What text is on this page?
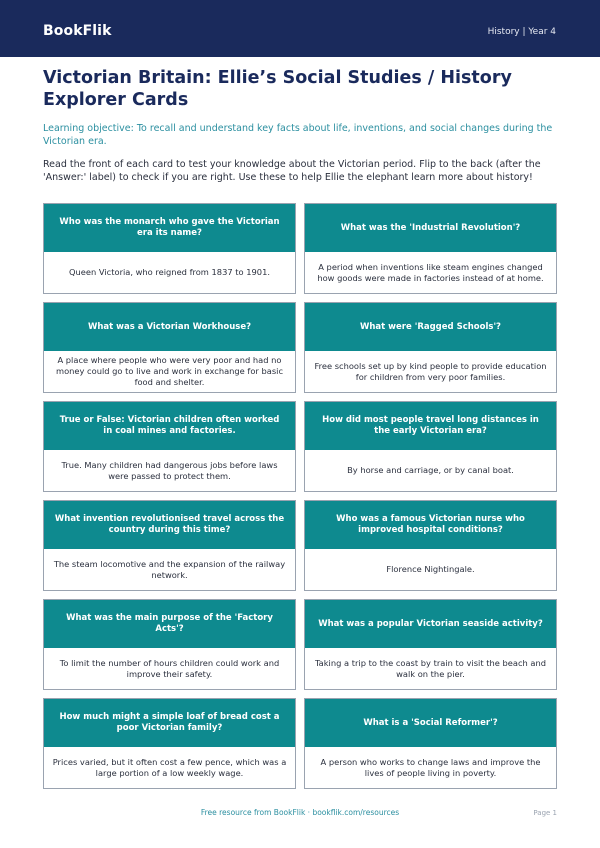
BookFlik	History | Year 4
Victorian Britain: Ellie’s Social Studies / History Explorer Cards
Learning objective: To recall and understand key facts about life, inventions, and social changes during the Victorian era.
Read the front of each card to test your knowledge about the Victorian period. Flip to the back (after the 'Answer:' label) to check if you are right. Use these to help Ellie the elephant learn more about history!
Who was the monarch who gave the Victorian era its name?
Queen Victoria, who reigned from 1837 to 1901.
What was the 'Industrial Revolution'?
A period when inventions like steam engines changed how goods were made in factories instead of at home.
What was a Victorian Workhouse?
A place where people who were very poor and had no money could go to live and work in exchange for basic food and shelter.
What were 'Ragged Schools'?
Free schools set up by kind people to provide education for children from very poor families.
True or False: Victorian children often worked in coal mines and factories.
True. Many children had dangerous jobs before laws were passed to protect them.
How did most people travel long distances in the early Victorian era?
By horse and carriage, or by canal boat.
What invention revolutionised travel across the country during this time?
The steam locomotive and the expansion of the railway network.
Who was a famous Victorian nurse who improved hospital conditions?
Florence Nightingale.
What was the main purpose of the 'Factory Acts'?
To limit the number of hours children could work and improve their safety.
What was a popular Victorian seaside activity?
Taking a trip to the coast by train to visit the beach and walk on the pier.
How much might a simple loaf of bread cost a poor Victorian family?
Prices varied, but it often cost a few pence, which was a large portion of a low weekly wage.
What is a 'Social Reformer'?
A person who works to change laws and improve the lives of people living in poverty.
Free resource from BookFlik · bookflik.com/resources	Page 1
